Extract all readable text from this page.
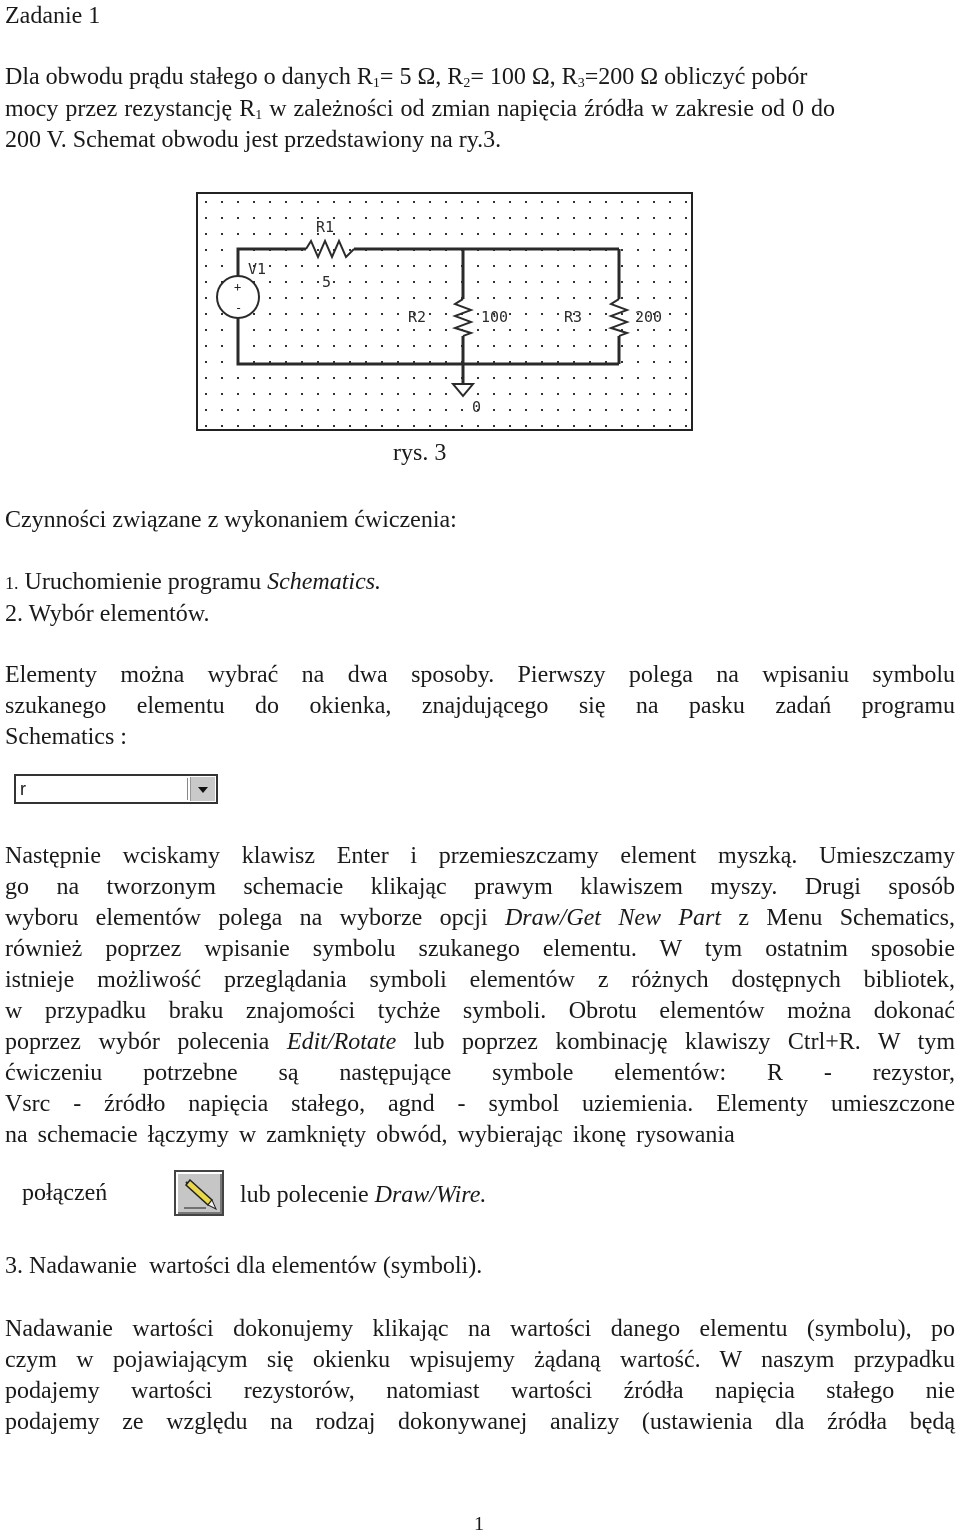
Zadanie 1
Dla obwodu prądu stałego o danych $R_1= 5$ Ω, $R_2= 100$ Ω, $R_3=200$ Ω obliczyć pobór
mocy przez rezystancję $R_1$ w zależności od zmian napięcia źródła w zakresie od 0 do
200 V. Schemat obwodu jest przedstawiony na ry.3.
+
-
R1
5
V1
R2	100	R3	200
0
rys. 3
Czynności związane z wykonaniem ćwiczenia:
1. Uruchomienie programu Schematics.
2. Wybór elementów.
Elementy można wybrać na dwa sposoby. Pierwszy polega na wpisaniu symbolu
szukanego elementu do okienka, znajdującego się na pasku zadań programu
Schematics :
r
Następnie wciskamy klawisz Enter i przemieszczamy element myszką. Umieszczamy
go na tworzonym schemacie klikając prawym klawiszem myszy. Drugi sposób
wyboru elementów polega na wyborze opcji Draw/Get New Part z Menu Schematics,
również poprzez wpisanie symbolu szukanego elementu. W tym ostatnim sposobie
istnieje możliwość przeglądania symboli elementów z różnych dostępnych bibliotek,
w przypadku braku znajomości tychże symboli. Obrotu elementów można dokonać
poprzez wybór polecenia Edit/Rotate lub poprzez kombinację klawiszy Ctrl+R. W tym
ćwiczeniu potrzebne są następujące symbole elementów: R - rezystor,
Vsrc - źródło napięcia stałego, agnd - symbol uziemienia. Elementy umieszczone
na schemacie łączymy w zamknięty obwód, wybierając ikonę rysowania
połączeń	lub polecenie Draw/Wire.
3. Nadawanie  wartości dla elementów (symboli).
Nadawanie wartości dokonujemy klikając na wartości danego elementu (symbolu), po
czym w pojawiającym się okienku wpisujemy żądaną wartość. W naszym przypadku
podajemy wartości rezystorów, natomiast wartości źródła napięcia stałego nie
podajemy ze względu na rodzaj dokonywanej analizy (ustawienia dla źródła będą
1
